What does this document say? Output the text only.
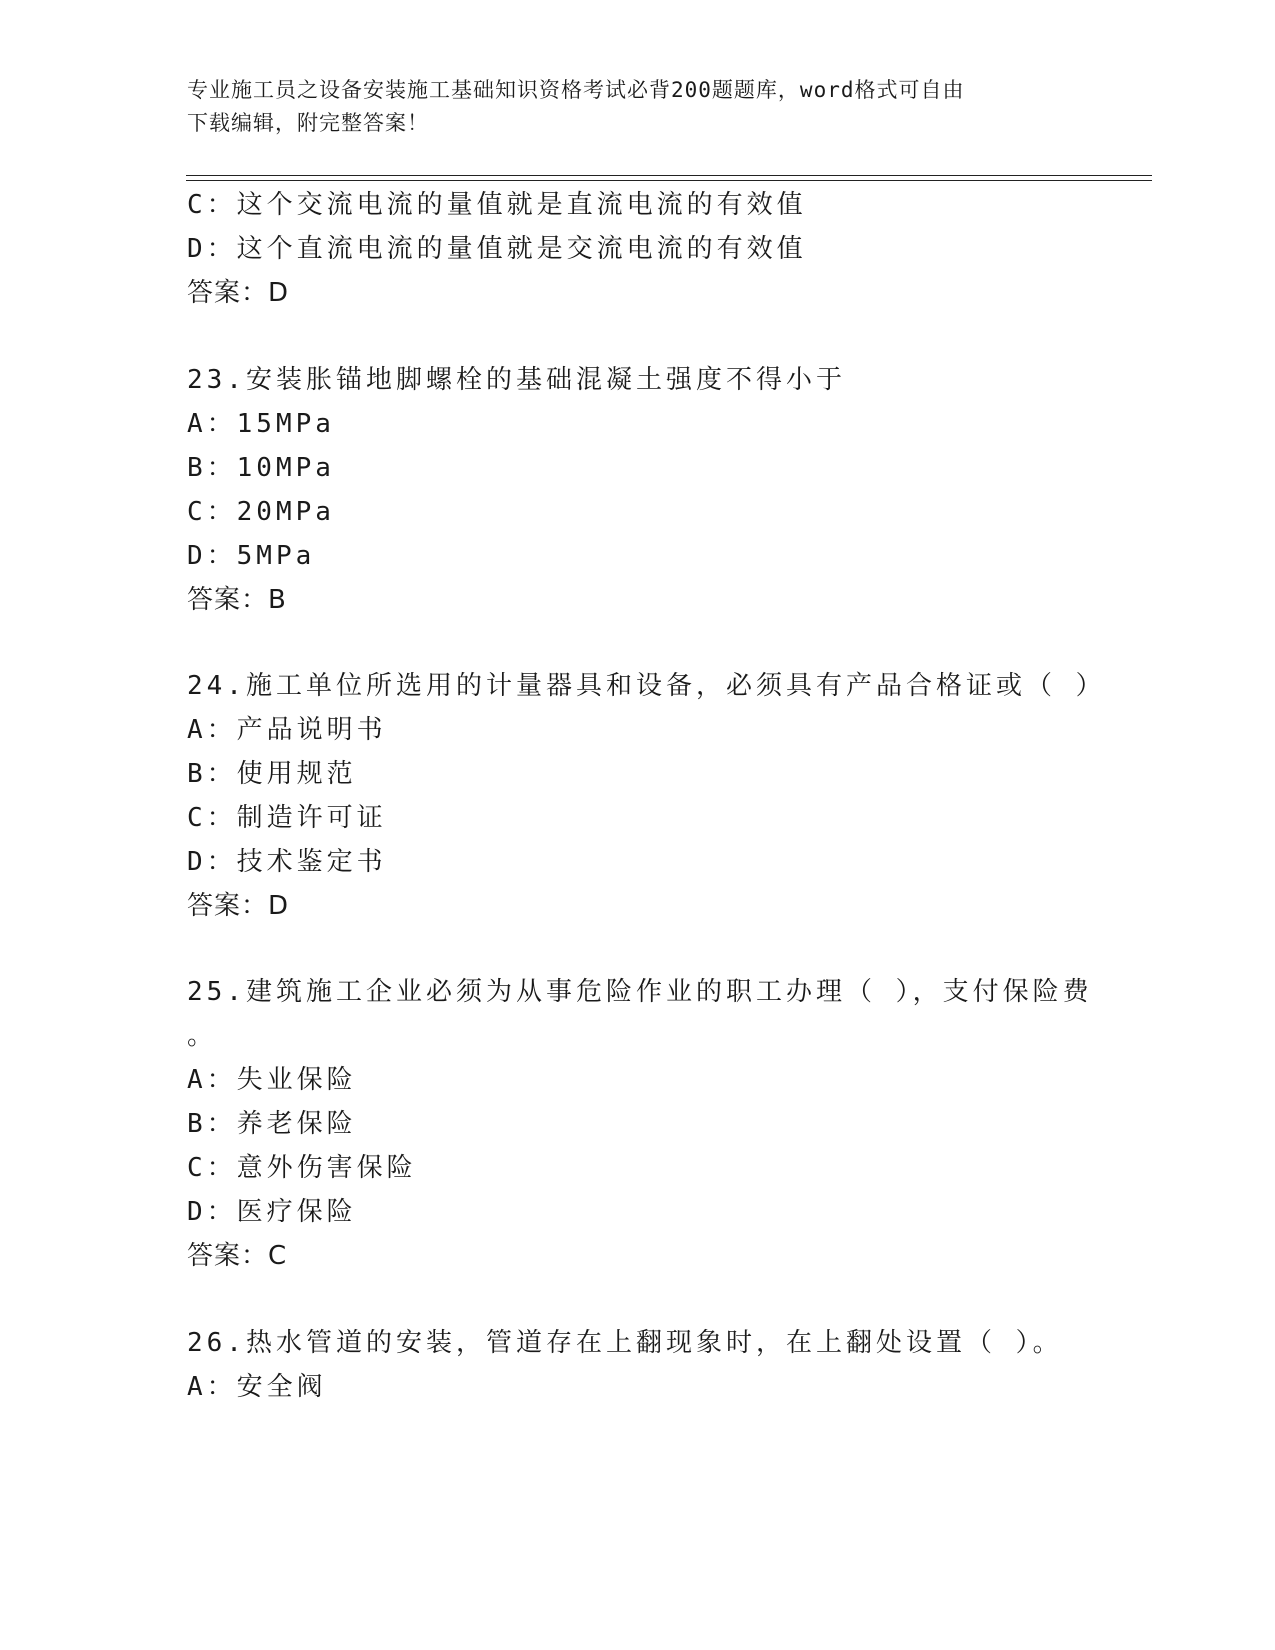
专业施工员之设备安装施工基础知识资格考试必背200题题库，word格式可自由
下载编辑，附完整答案！
C：这个交流电流的量值就是直流电流的有效值
D：这个直流电流的量值就是交流电流的有效值
答案：D
23.安装胀锚地脚螺栓的基础混凝土强度不得小于
A：15MPa
B：10MPa
C：20MPa
D：5MPa
答案：B
24.施工单位所选用的计量器具和设备，必须具有产品合格证或（ ）
A：产品说明书
B：使用规范
C：制造许可证
D：技术鉴定书
答案：D
25.建筑施工企业必须为从事危险作业的职工办理（ ），支付保险费
。
A：失业保险
B：养老保险
C：意外伤害保险
D：医疗保险
答案：C
26.热水管道的安装，管道存在上翻现象时，在上翻处设置（ ）。
A：安全阀
